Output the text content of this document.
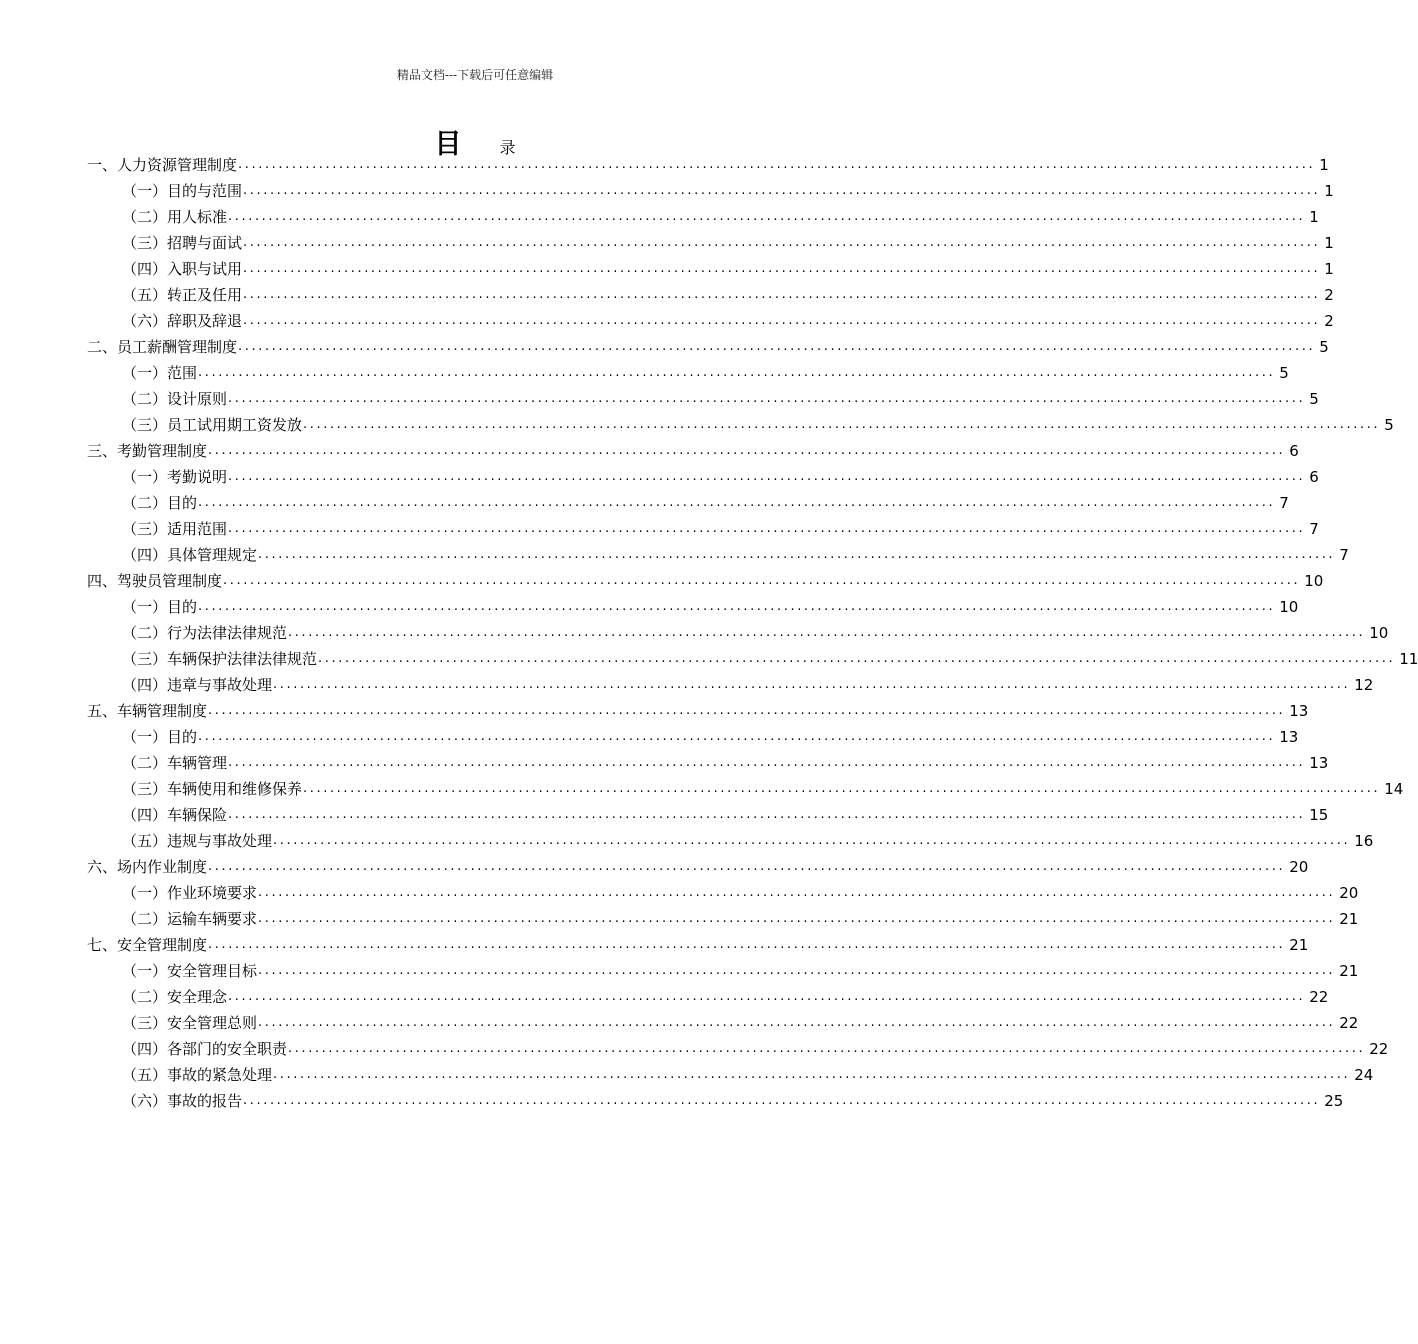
精品文档---下载后可任意编辑
目 录
一、人力资源管理制度 ................................................................................................................................................................ 1
（一）目的与范围 ................................................................................................................................................................ 1
（二）用人标准 ................................................................................................................................................................ 1
（三）招聘与面试 ................................................................................................................................................................ 1
（四）入职与试用 ................................................................................................................................................................ 1
（五）转正及任用 ................................................................................................................................................................ 2
（六）辞职及辞退 ................................................................................................................................................................ 2
二、员工薪酬管理制度 ................................................................................................................................................................ 5
（一）范围 ................................................................................................................................................................ 5
（二）设计原则 ................................................................................................................................................................ 5
（三）员工试用期工资发放 ................................................................................................................................................................ 5
三、考勤管理制度 ................................................................................................................................................................ 6
（一）考勤说明 ................................................................................................................................................................ 6
（二）目的 ................................................................................................................................................................ 7
（三）适用范围 ................................................................................................................................................................ 7
（四）具体管理规定 ................................................................................................................................................................ 7
四、驾驶员管理制度 ................................................................................................................................................................ 10
（一）目的 ................................................................................................................................................................ 10
（二）行为法律法律规范 ................................................................................................................................................................ 10
（三）车辆保护法律法律规范 ................................................................................................................................................................ 11
（四）违章与事故处理 ................................................................................................................................................................ 12
五、车辆管理制度 ................................................................................................................................................................ 13
（一）目的 ................................................................................................................................................................ 13
（二）车辆管理 ................................................................................................................................................................ 13
（三）车辆使用和维修保养 ................................................................................................................................................................ 14
（四）车辆保险 ................................................................................................................................................................ 15
（五）违规与事故处理 ................................................................................................................................................................ 16
六、场内作业制度 ................................................................................................................................................................ 20
（一）作业环境要求 ................................................................................................................................................................ 20
（二）运输车辆要求 ................................................................................................................................................................ 21
七、安全管理制度 ................................................................................................................................................................ 21
（一）安全管理目标 ................................................................................................................................................................ 21
（二）安全理念 ................................................................................................................................................................ 22
（三）安全管理总则 ................................................................................................................................................................ 22
（四）各部门的安全职责 ................................................................................................................................................................ 22
（五）事故的紧急处理 ................................................................................................................................................................ 24
（六）事故的报告 ................................................................................................................................................................ 25
